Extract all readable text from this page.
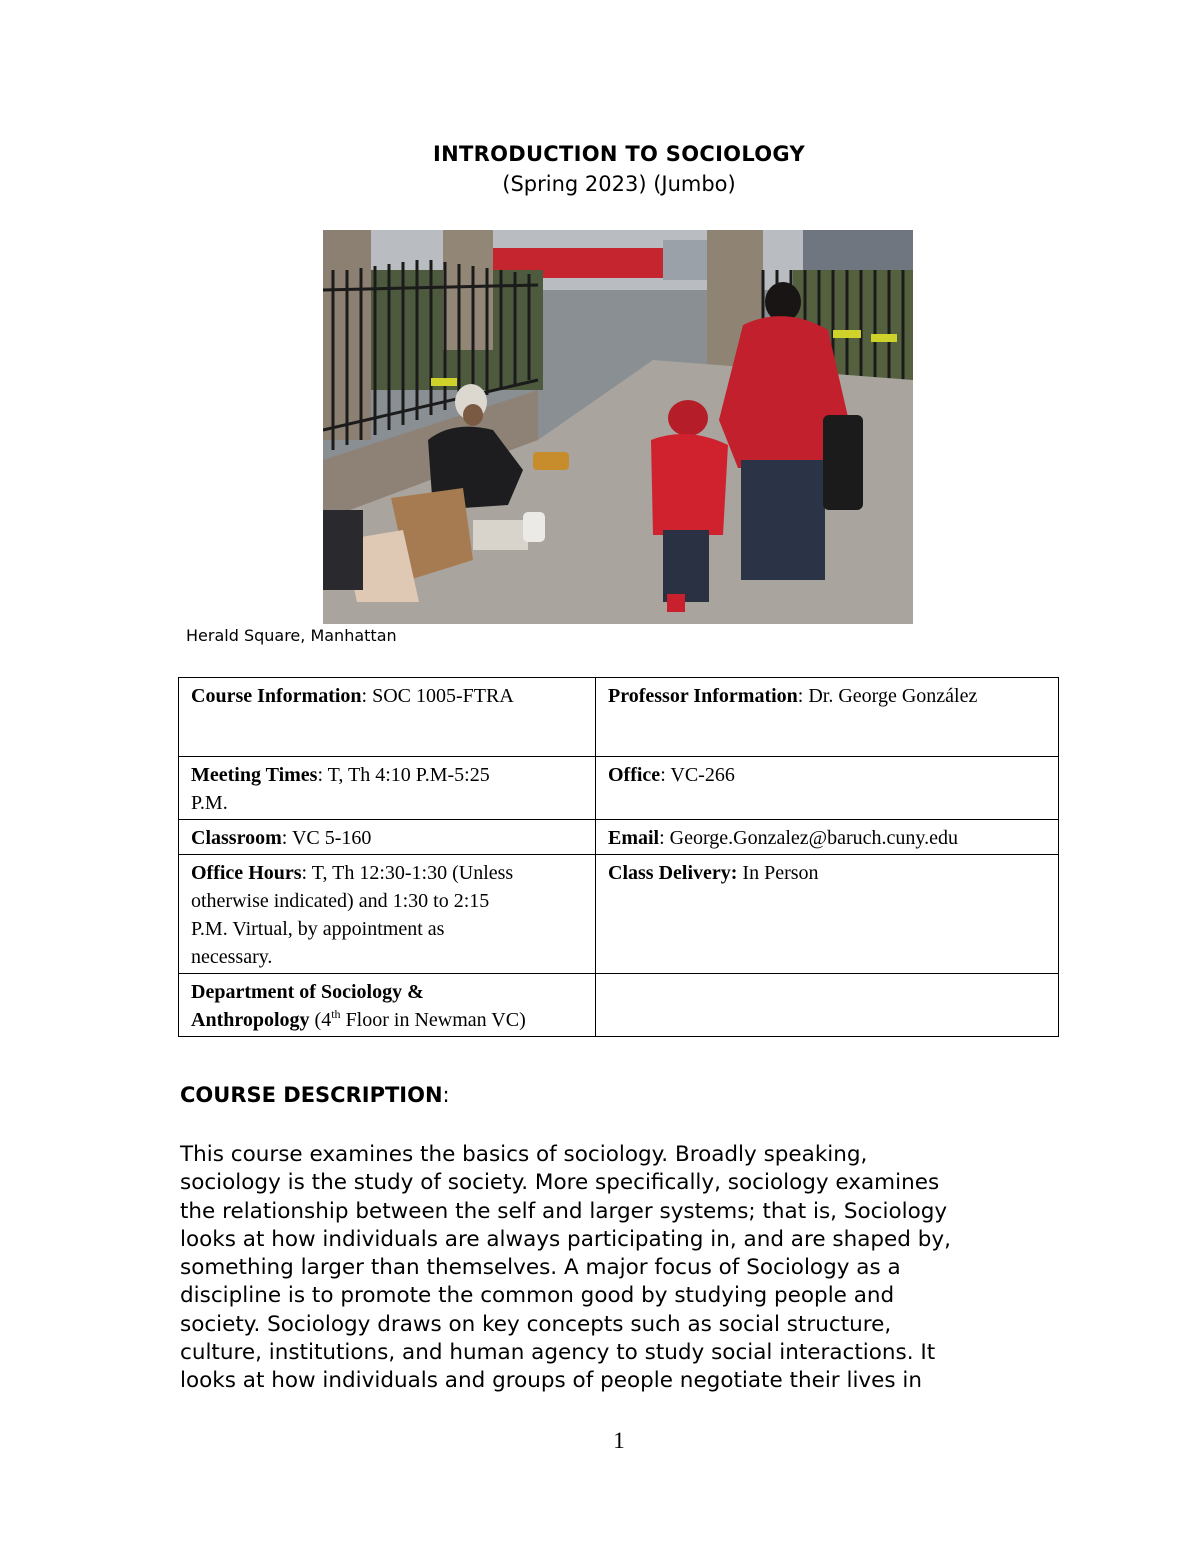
INTRODUCTION TO SOCIOLOGY
(Spring 2023) (Jumbo)
Herald Square, Manhattan
Course Information: SOC 1005-FTRA	Professor Information: Dr. George González
Meeting Times: T, Th 4:10 P.M-5:25
P.M.	Office: VC-266
Classroom: VC 5-160	Email: George.Gonzalez@baruch.cuny.edu
Office Hours: T, Th 12:30-1:30 (Unless
otherwise indicated) and 1:30 to 2:15
P.M. Virtual, by appointment as
necessary.	Class Delivery: In Person
Department of Sociology &
Anthropology (4th Floor in Newman VC)	
COURSE DESCRIPTION:
This course examines the basics of sociology. Broadly speaking,
sociology is the study of society. More specifically, sociology examines
the relationship between the self and larger systems; that is, Sociology
looks at how individuals are always participating in, and are shaped by,
something larger than themselves. A major focus of Sociology as a
discipline is to promote the common good by studying people and
society. Sociology draws on key concepts such as social structure,
culture, institutions, and human agency to study social interactions. It
looks at how individuals and groups of people negotiate their lives in
1
